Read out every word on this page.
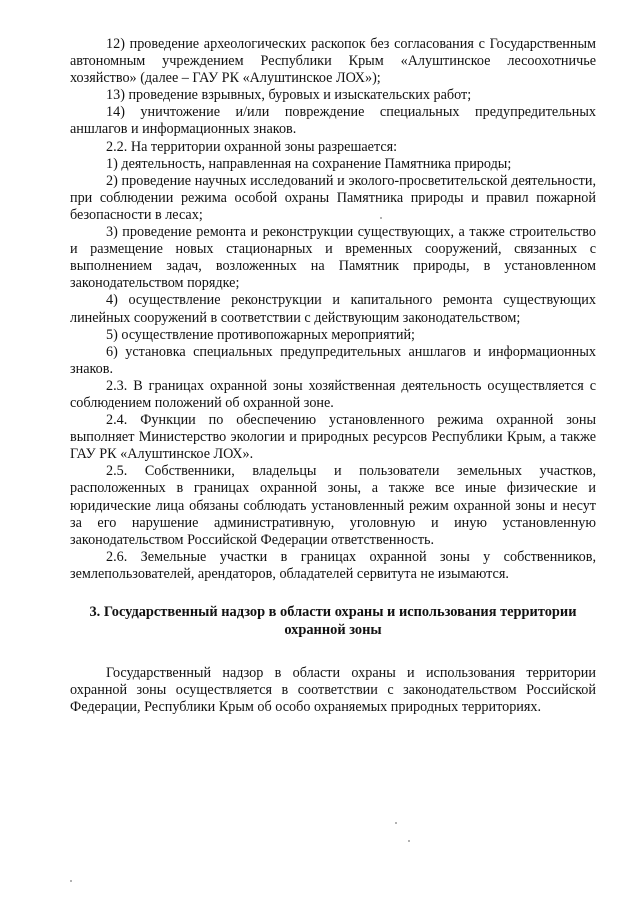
12) проведение археологических раскопок без согласования с Государственным автономным учреждением Республики Крым «Алуштинское лесоохотничье хозяйство» (далее – ГАУ РК «Алуштинское ЛОХ»);

13) проведение взрывных, буровых и изыскательских работ;

14) уничтожение и/или повреждение специальных предупредительных аншлагов и информационных знаков.

2.2. На территории охранной зоны разрешается:

1) деятельность, направленная на сохранение Памятника природы;

2) проведение научных исследований и эколого-просветительской деятельности, при соблюдении режима особой охраны Памятника природы и правил пожарной безопасности в лесах;

3) проведение ремонта и реконструкции существующих, а также строительство и размещение новых стационарных и временных сооружений, связанных с выполнением задач, возложенных на Памятник природы, в установленном законодательством порядке;

4) осуществление реконструкции и капитального ремонта существующих линейных сооружений в соответствии с действующим законодательством;

5) осуществление противопожарных мероприятий;

6) установка специальных предупредительных аншлагов и информационных знаков.

2.3. В границах охранной зоны хозяйственная деятельность осуществляется с соблюдением положений об охранной зоне.

2.4. Функции по обеспечению установленного режима охранной зоны выполняет Министерство экологии и природных ресурсов Республики Крым, а также ГАУ РК «Алуштинское ЛОХ».

2.5. Собственники, владельцы и пользователи земельных участков, расположенных в границах охранной зоны, а также все иные физические и юридические лица обязаны соблюдать установленный режим охранной зоны и несут за его нарушение административную, уголовную и иную установленную законодательством Российской Федерации ответственность.

2.6. Земельные участки в границах охранной зоны у собственников, землепользователей, арендаторов, обладателей сервитута не изымаются.

3. Государственный надзор в области охраны и использования территории охранной зоны

Государственный надзор в области охраны и использования территории охранной зоны осуществляется в соответствии с законодательством Российской Федерации, Республики Крым об особо охраняемых природных территориях.
